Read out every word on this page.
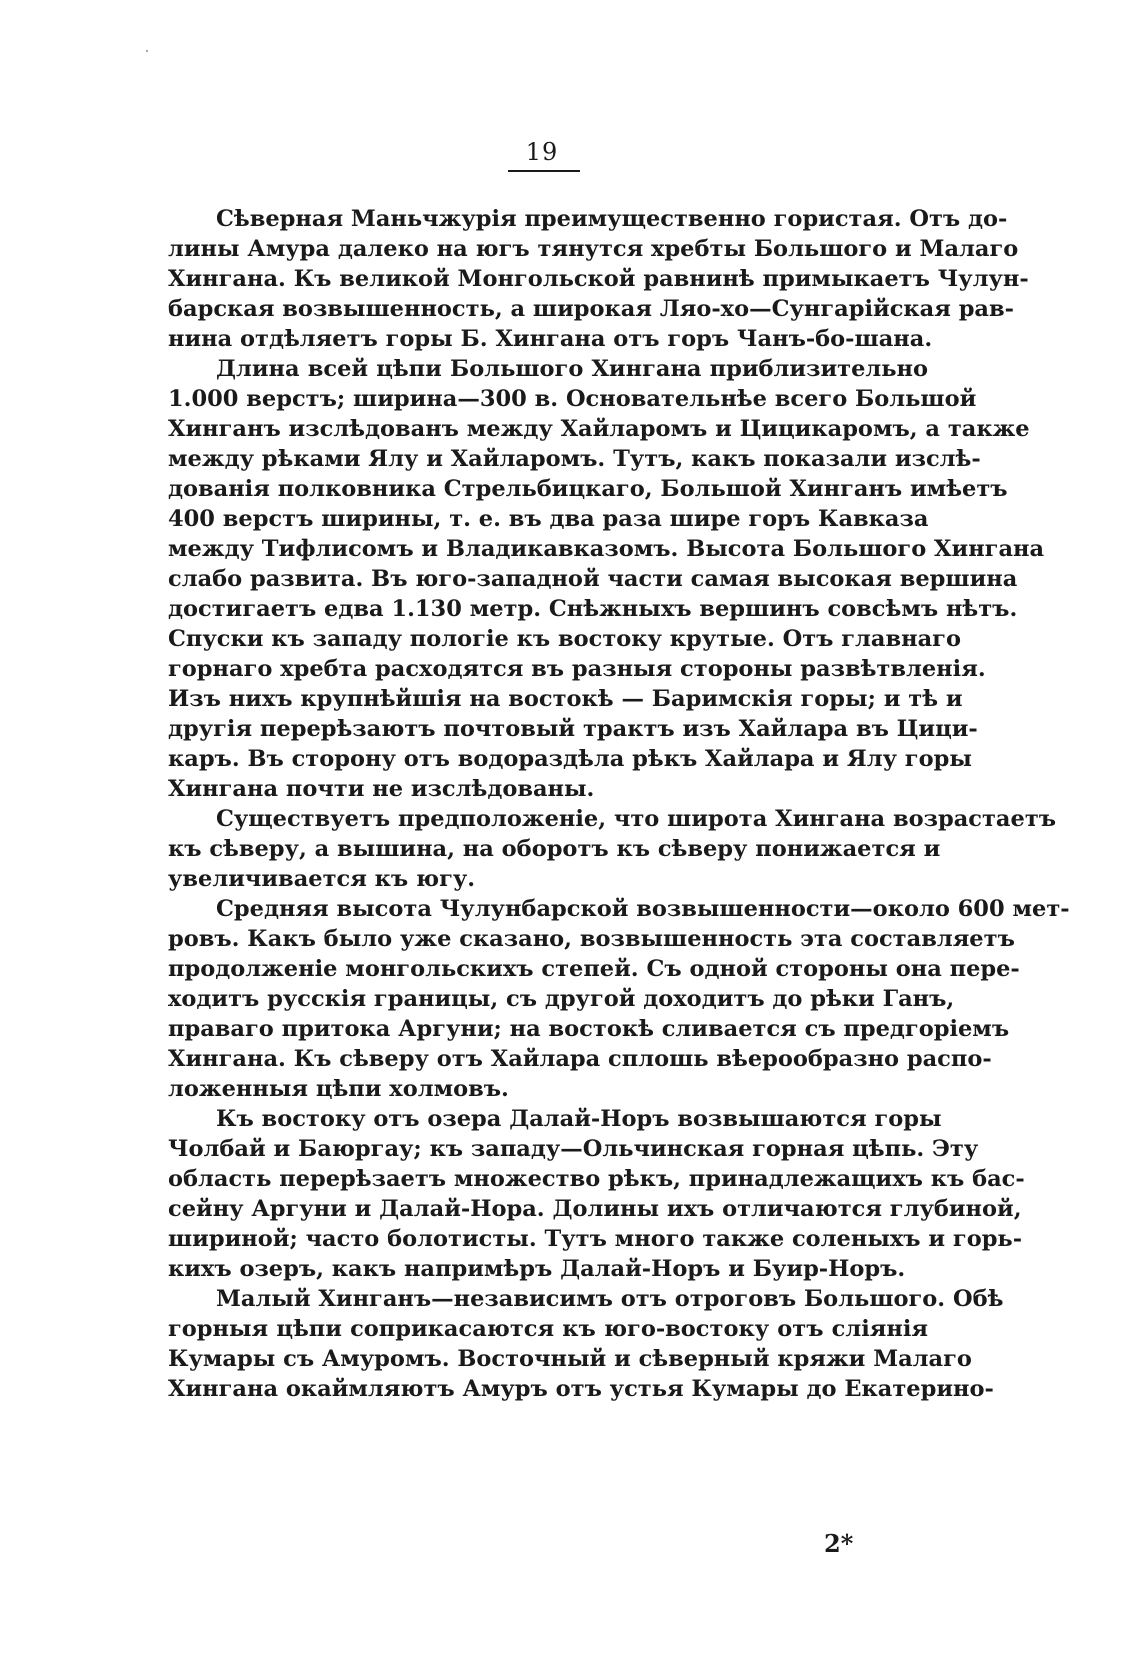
19
Сѣверная Маньчжурія преимущественно гористая. Отъ до-
лины Амура далеко на югъ тянутся хребты Большого и Малаго
Хингана. Къ великой Монгольской равнинѣ примыкаетъ Чулун-
барская возвышенность, а широкая Ляо-хо—Сунгарійская рав-
нина отдѣляетъ горы Б. Хингана отъ горъ Чанъ-бо-шана.
Длина всей цѣпи Большого Хингана приблизительно
1.000 верстъ; ширина—300 в. Основательнѣе всего Большой
Хинганъ изслѣдованъ между Хайларомъ и Цицикаромъ, а также
между рѣками Ялу и Хайларомъ. Тутъ, какъ показали изслѣ-
дованія полковника Стрельбицкаго, Большой Хинганъ имѣетъ
400 верстъ ширины, т. е. въ два раза шире горъ Кавказа
между Тифлисомъ и Владикавказомъ. Высота Большого Хингана
слабо развита. Въ юго-западной части самая высокая вершина
достигаетъ едва 1.130 метр. Снѣжныхъ вершинъ совсѣмъ нѣтъ.
Спуски къ западу пологіе къ востоку крутые. Отъ главнаго
горнаго хребта расходятся въ разныя стороны развѣтвленія.
Изъ нихъ крупнѣйшія на востокѣ — Баримскія горы; и тѣ и
другія перерѣзаютъ почтовый трактъ изъ Хайлара въ Цици-
каръ. Въ сторону отъ водораздѣла рѣкъ Хайлара и Ялу горы
Хингана почти не изслѣдованы.
Существуетъ предположеніе, что широта Хингана возрастаетъ
къ сѣверу, а вышина, на оборотъ къ сѣверу понижается и
увеличивается къ югу.
Средняя высота Чулунбарской возвышенности—около 600 мет-
ровъ. Какъ было уже сказано, возвышенность эта составляетъ
продолженіе монгольскихъ степей. Съ одной стороны она пере-
ходитъ русскія границы, съ другой доходитъ до рѣки Ганъ,
праваго притока Аргуни; на востокѣ сливается съ предгоріемъ
Хингана. Къ сѣверу отъ Хайлара сплошь вѣерообразно распо-
ложенныя цѣпи холмовъ.
Къ востоку отъ озера Далай-Норъ возвышаются горы
Чолбай и Баюргау; къ западу—Ольчинская горная цѣпь. Эту
область перерѣзаетъ множество рѣкъ, принадлежащихъ къ бас-
сейну Аргуни и Далай-Нора. Долины ихъ отличаются глубиной,
шириной; часто болотисты. Тутъ много также соленыхъ и горь-
кихъ озеръ, какъ напримѣръ Далай-Норъ и Буир-Норъ.
Малый Хинганъ—независимъ отъ отроговъ Большого. Обѣ
горныя цѣпи соприкасаются къ юго-востоку отъ сліянія
Кумары съ Амуромъ. Восточный и сѣверный кряжи Малаго
Хингана окаймляютъ Амуръ отъ устья Кумары до Екатерино-
2*
